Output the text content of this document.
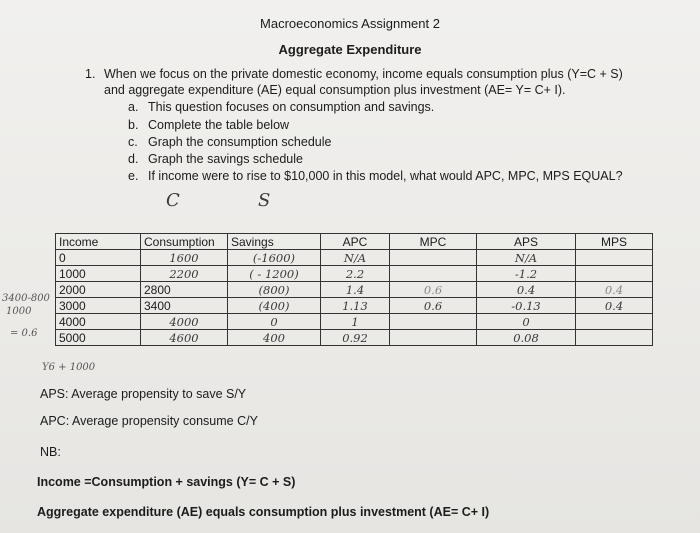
Macroeconomics Assignment 2
Aggregate Expenditure
1. When we focus on the private domestic economy, income equals consumption plus (Y=C + S)
and aggregate expenditure (AE) equal consumption plus investment (AE= Y= C+ I).
a. This question focuses on consumption and savings.
b. Complete the table below
c. Graph the consumption schedule
d. Graph the savings schedule
e. If income were to rise to $10,000 in this model, what would APC, MPC, MPS EQUAL?
C	S
3400-800
1000
= 0.6
Income	Consumption	Savings	APC	MPC	APS	MPS
0	1600	(-1600)	N/A		N/A	
1000	2200	( - 1200)	2.2		-1.2	
2000	2800	(800)	1.4	0.6	0.4	0.4
3000	3400	(400)	1.13	0.6	-0.13	0.4
4000	4000	0	1		0	
5000	4600	400	0.92		0.08	
Y6 + 1000
APS: Average propensity to save S/Y
APC: Average propensity consume C/Y
NB:
Income =Consumption + savings (Y= C + S)
Aggregate expenditure (AE) equals consumption plus investment (AE= C+ I)
